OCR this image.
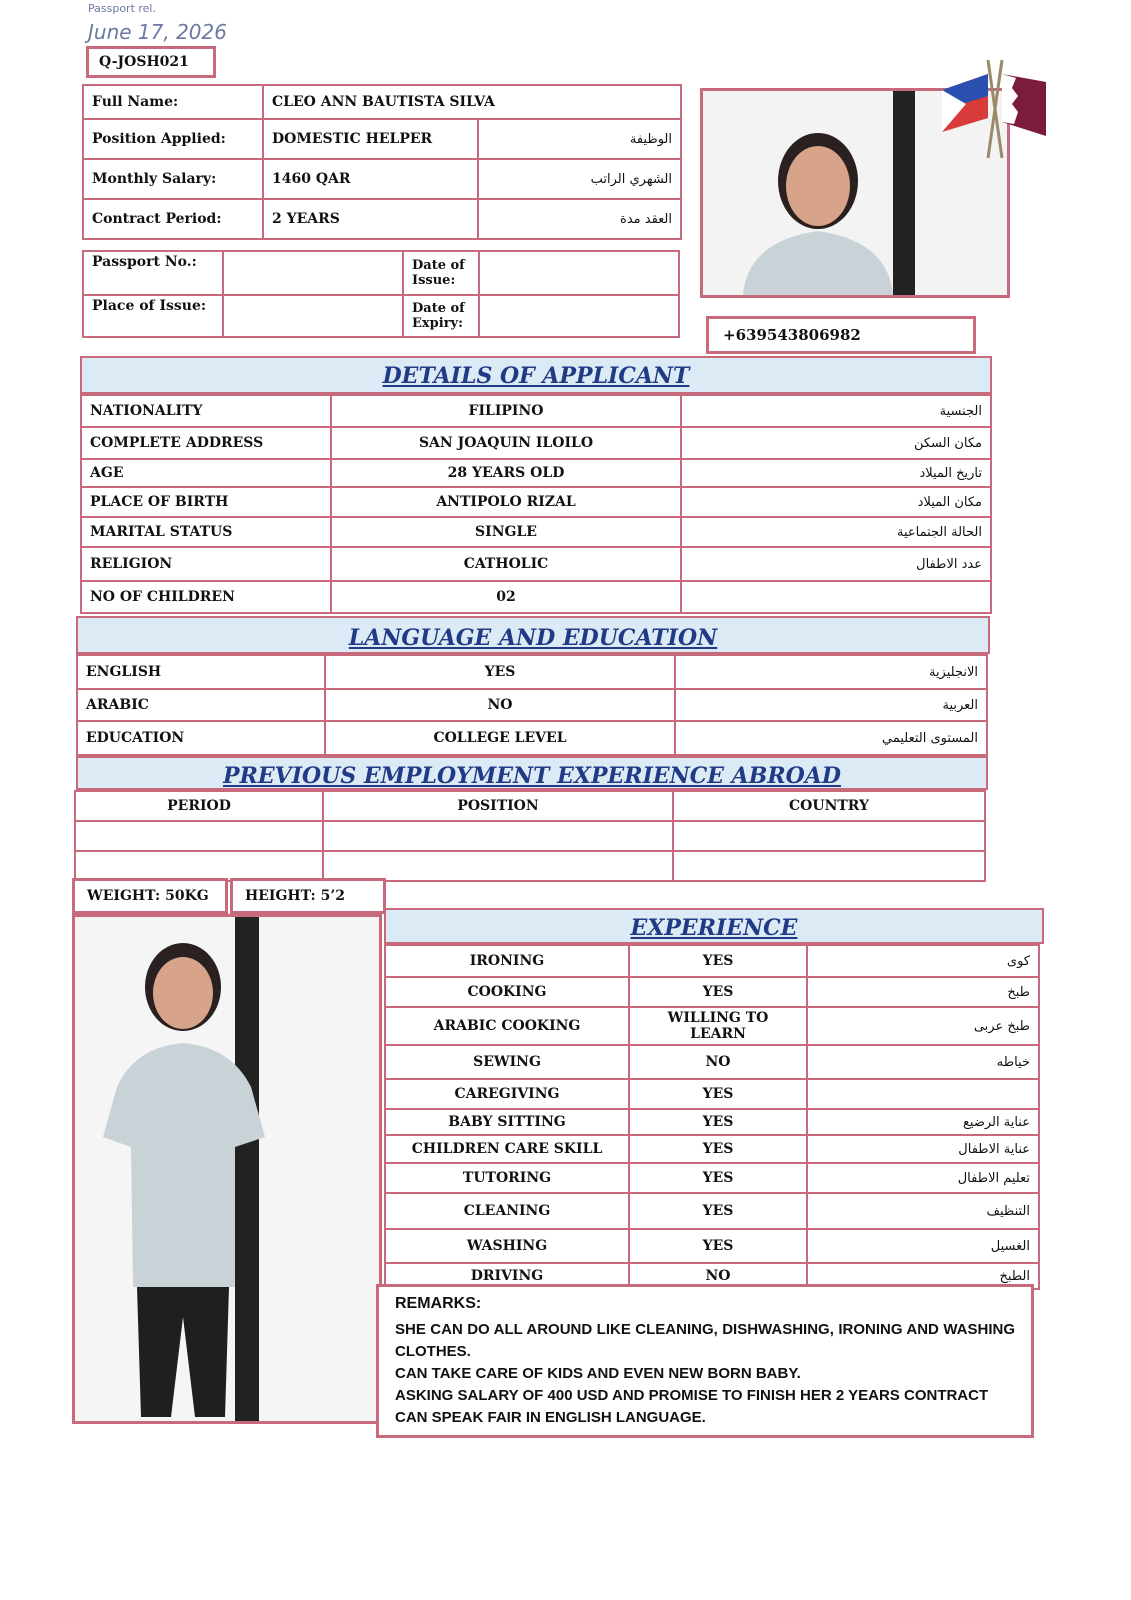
Passport rel.
June 17, 2026
Q-JOSH021
Full Name:	CLEO ANN BAUTISTA SILVA	
Position Applied:	DOMESTIC HELPER	الوظيفة
Monthly Salary:	1460 QAR	الشهري الراتب
Contract Period:	2 YEARS	العقد مدة
Passport No.:		Date of Issue:	
Place of Issue:		Date of Expiry:	
+639543806982
DETAILS OF APPLICANT
NATIONALITY	FILIPINO	الجنسية
COMPLETE ADDRESS	SAN JOAQUIN ILOILO	مكان السكن
AGE	28 YEARS OLD	تاريخ الميلاد
PLACE OF BIRTH	ANTIPOLO RIZAL	مكان الميلاد
MARITAL STATUS	SINGLE	الحالة الجتماعية
RELIGION	CATHOLIC	عدد الاطفال
NO OF CHILDREN	02	
LANGUAGE AND EDUCATION
ENGLISH	YES	الانجليزية
ARABIC	NO	العربية
EDUCATION	COLLEGE LEVEL	المستوى التعليمي
PREVIOUS EMPLOYMENT EXPERIENCE ABROAD
PERIOD	POSITION	COUNTRY

WEIGHT: 50KG	HEIGHT: 5’2
EXPERIENCE
IRONING	YES	كوى
COOKING	YES	طبخ
ARABIC COOKING	WILLING TO LEARN	طبخ عربى
SEWING	NO	خياطه
CAREGIVING	YES	
BABY SITTING	YES	عناية الرضيع
CHILDREN CARE SKILL	YES	عناية الاطفال
TUTORING	YES	تعليم الاطفال
CLEANING	YES	التنظيف
WASHING	YES	الغسيل
DRIVING	NO	الطبخ
REMARKS:
SHE CAN DO ALL AROUND LIKE CLEANING, DISHWASHING, IRONING AND WASHING CLOTHES.
CAN TAKE CARE OF KIDS AND EVEN NEW BORN BABY.
ASKING SALARY OF 400 USD AND PROMISE TO FINISH HER 2 YEARS CONTRACT
CAN SPEAK FAIR IN ENGLISH LANGUAGE.
